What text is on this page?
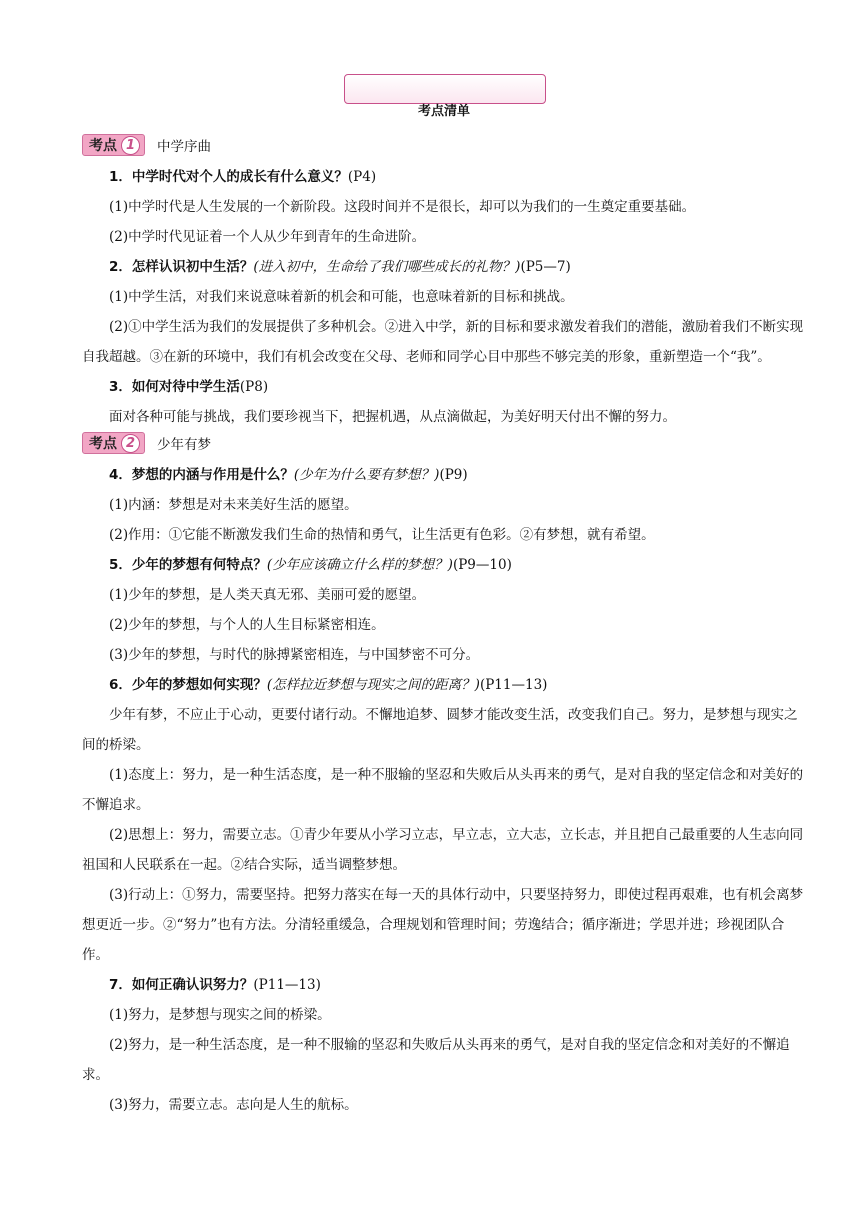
考点清单
考点 1	中学序曲
1．中学时代对个人的成长有什么意义？(P4)
(1)中学时代是人生发展的一个新阶段。这段时间并不是很长，却可以为我们的一生奠定重要基础。
(2)中学时代见证着一个人从少年到青年的生命进阶。
2．怎样认识初中生活？(进入初中，生命给了我们哪些成长的礼物？)(P5—7)
(1)中学生活，对我们来说意味着新的机会和可能，也意味着新的目标和挑战。
(2)①中学生活为我们的发展提供了多种机会。②进入中学，新的目标和要求激发着我们的潜能，激励着我们不断实现自我超越。③在新的环境中，我们有机会改变在父母、老师和同学心目中那些不够完美的形象，重新塑造一个“我”。
3．如何对待中学生活(P8)
面对各种可能与挑战，我们要珍视当下，把握机遇，从点滴做起，为美好明天付出不懈的努力。
考点 2	少年有梦
4．梦想的内涵与作用是什么？(少年为什么要有梦想？)(P9)
(1)内涵：梦想是对未来美好生活的愿望。
(2)作用：①它能不断激发我们生命的热情和勇气，让生活更有色彩。②有梦想，就有希望。
5．少年的梦想有何特点？(少年应该确立什么样的梦想？)(P9—10)
(1)少年的梦想，是人类天真无邪、美丽可爱的愿望。
(2)少年的梦想，与个人的人生目标紧密相连。
(3)少年的梦想，与时代的脉搏紧密相连，与中国梦密不可分。
6．少年的梦想如何实现？(怎样拉近梦想与现实之间的距离？)(P11—13)
少年有梦，不应止于心动，更要付诸行动。不懈地追梦、圆梦才能改变生活，改变我们自己。努力，是梦想与现实之间的桥梁。
(1)态度上：努力，是一种生活态度，是一种不服输的坚忍和失败后从头再来的勇气，是对自我的坚定信念和对美好的不懈追求。
(2)思想上：努力，需要立志。①青少年要从小学习立志，早立志，立大志，立长志，并且把自己最重要的人生志向同祖国和人民联系在一起。②结合实际，适当调整梦想。
(3)行动上：①努力，需要坚持。把努力落实在每一天的具体行动中，只要坚持努力，即使过程再艰难，也有机会离梦想更近一步。②“努力”也有方法。分清轻重缓急，合理规划和管理时间；劳逸结合；循序渐进；学思并进；珍视团队合作。
7．如何正确认识努力？(P11—13)
(1)努力，是梦想与现实之间的桥梁。
(2)努力，是一种生活态度，是一种不服输的坚忍和失败后从头再来的勇气，是对自我的坚定信念和对美好的不懈追求。
(3)努力，需要立志。志向是人生的航标。
